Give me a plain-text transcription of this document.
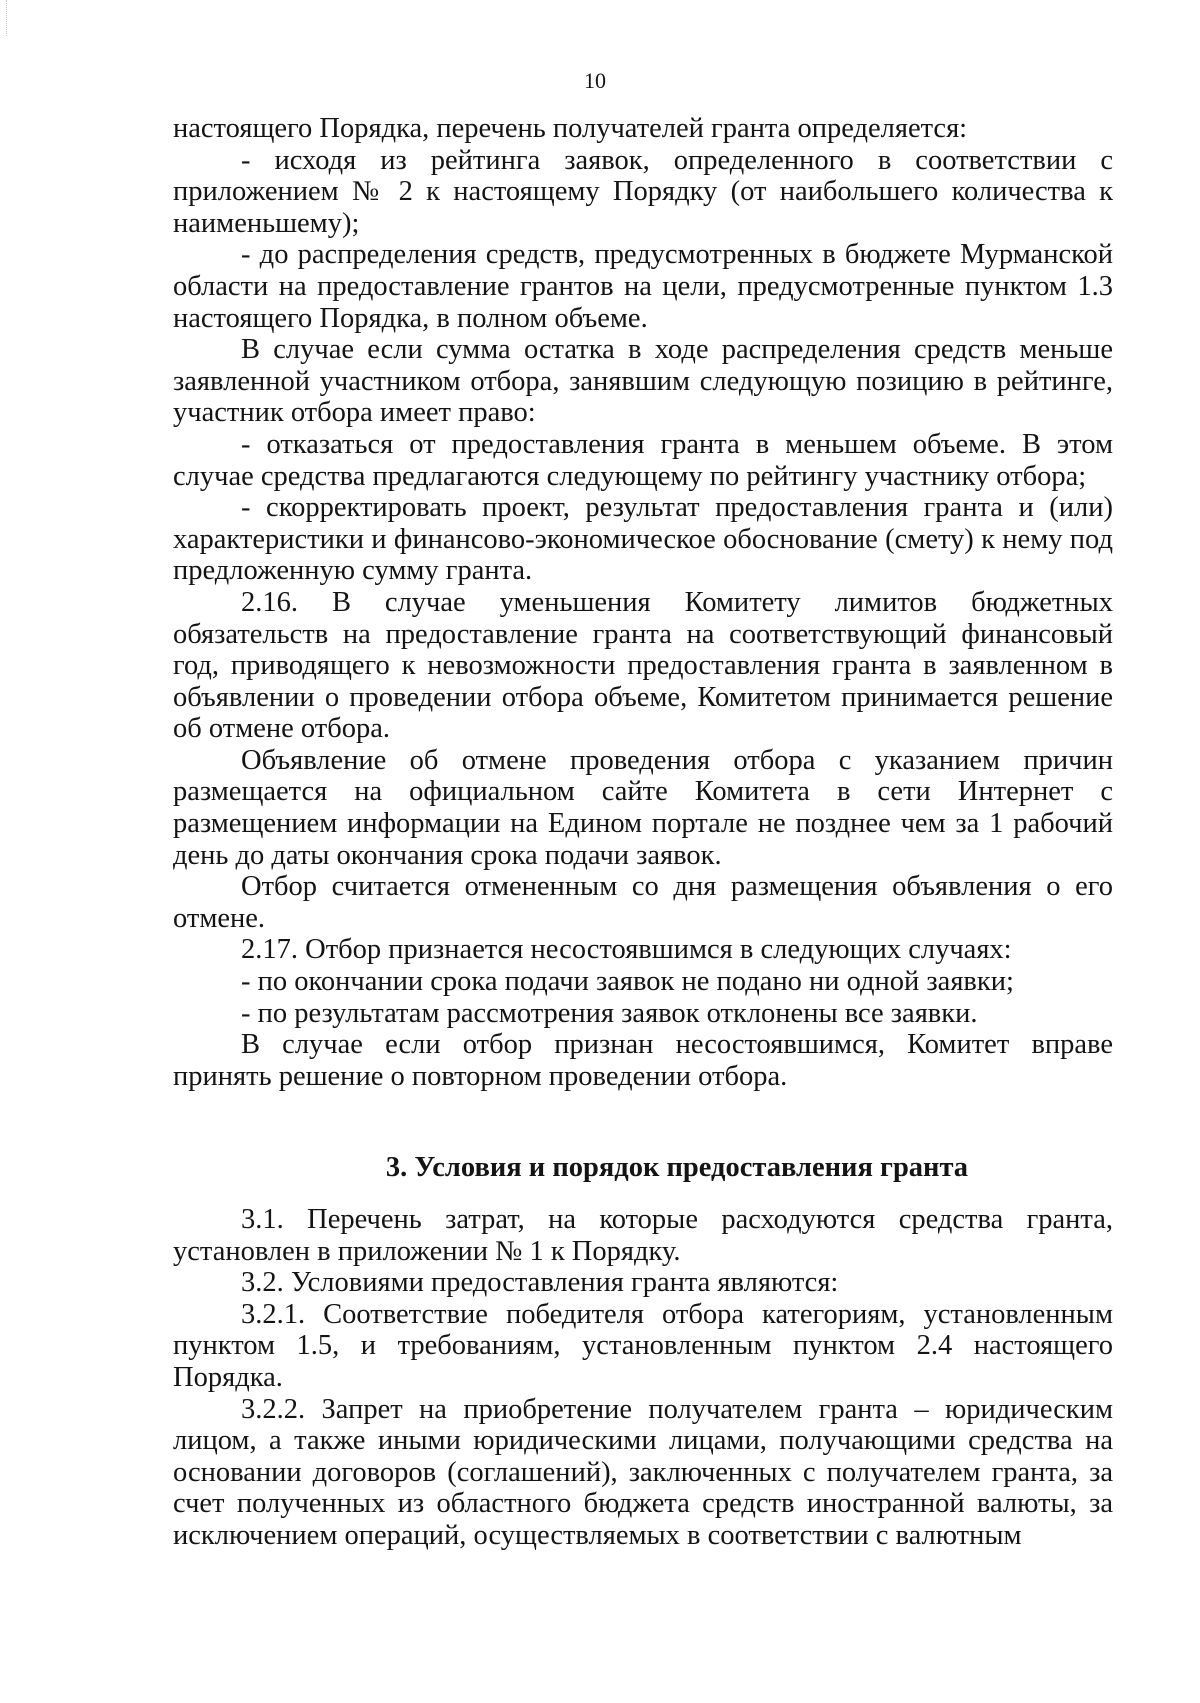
10

настоящего Порядка, перечень получателей гранта определяется:

- исходя из рейтинга заявок, определенного в соответствии с приложением № 2 к настоящему Порядку (от наибольшего количества к наименьшему);

- до распределения средств, предусмотренных в бюджете Мурманской области на предоставление грантов на цели, предусмотренные пунктом 1.3 настоящего Порядка, в полном объеме.

В случае если сумма остатка в ходе распределения средств меньше заявленной участником отбора, занявшим следующую позицию в рейтинге, участник отбора имеет право:

- отказаться от предоставления гранта в меньшем объеме. В этом случае средства предлагаются следующему по рейтингу участнику отбора;

- скорректировать проект, результат предоставления гранта и (или) характеристики и финансово-экономическое обоснование (смету) к нему под предложенную сумму гранта.

2.16. В случае уменьшения Комитету лимитов бюджетных обязательств на предоставление гранта на соответствующий финансовый год, приводящего к невозможности предоставления гранта в заявленном в объявлении о проведении отбора объеме, Комитетом принимается решение об отмене отбора.

Объявление об отмене проведения отбора с указанием причин размещается на официальном сайте Комитета в сети Интернет с размещением информации на Едином портале не позднее чем за 1 рабочий день до даты окончания срока подачи заявок.

Отбор считается отмененным со дня размещения объявления о его отмене.

2.17. Отбор признается несостоявшимся в следующих случаях:

- по окончании срока подачи заявок не подано ни одной заявки;

- по результатам рассмотрения заявок отклонены все заявки.

В случае если отбор признан несостоявшимся, Комитет вправе принять решение о повторном проведении отбора.

3. Условия и порядок предоставления гранта

3.1. Перечень затрат, на которые расходуются средства гранта, установлен в приложении № 1 к Порядку.

3.2. Условиями предоставления гранта являются:

3.2.1. Соответствие победителя отбора категориям, установленным пунктом 1.5, и требованиям, установленным пунктом 2.4 настоящего Порядка.

3.2.2. Запрет на приобретение получателем гранта – юридическим лицом, а также иными юридическими лицами, получающими средства на основании договоров (соглашений), заключенных с получателем гранта, за счет полученных из областного бюджета средств иностранной валюты, за исключением операций, осуществляемых в соответствии с валютным
